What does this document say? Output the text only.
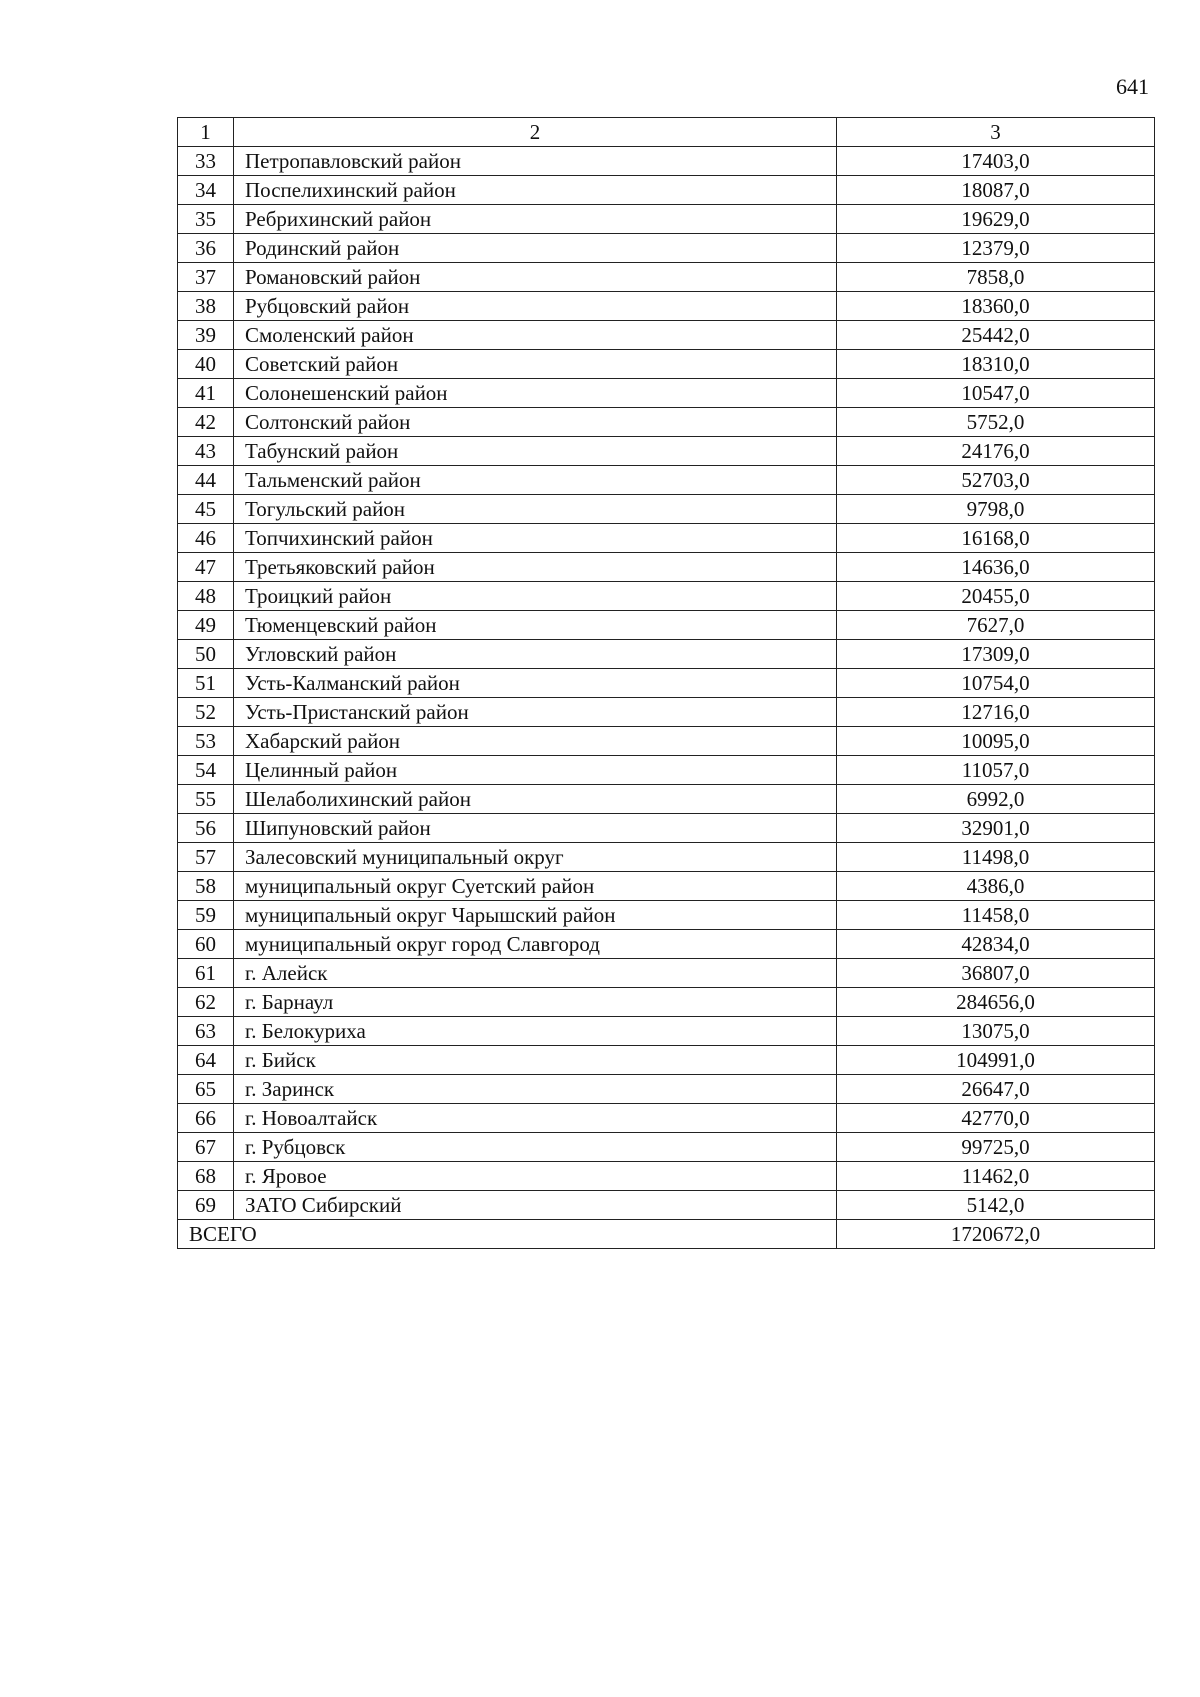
641
1	2	3
33	Петропавловский район	17403,0
34	Поспелихинский район	18087,0
35	Ребрихинский район	19629,0
36	Родинский район	12379,0
37	Романовский район	7858,0
38	Рубцовский район	18360,0
39	Смоленский район	25442,0
40	Советский район	18310,0
41	Солонешенский район	10547,0
42	Солтонский район	5752,0
43	Табунский район	24176,0
44	Тальменский район	52703,0
45	Тогульский район	9798,0
46	Топчихинский район	16168,0
47	Третьяковский район	14636,0
48	Троицкий район	20455,0
49	Тюменцевский район	7627,0
50	Угловский район	17309,0
51	Усть-Калманский район	10754,0
52	Усть-Пристанский район	12716,0
53	Хабарский район	10095,0
54	Целинный район	11057,0
55	Шелаболихинский район	6992,0
56	Шипуновский район	32901,0
57	Залесовский муниципальный округ	11498,0
58	муниципальный округ Суетский район	4386,0
59	муниципальный округ Чарышский район	11458,0
60	муниципальный округ город Славгород	42834,0
61	г. Алейск	36807,0
62	г. Барнаул	284656,0
63	г. Белокуриха	13075,0
64	г. Бийск	104991,0
65	г. Заринск	26647,0
66	г. Новоалтайск	42770,0
67	г. Рубцовск	99725,0
68	г. Яровое	11462,0
69	ЗАТО Сибирский	5142,0
ВСЕГО		1720672,0
